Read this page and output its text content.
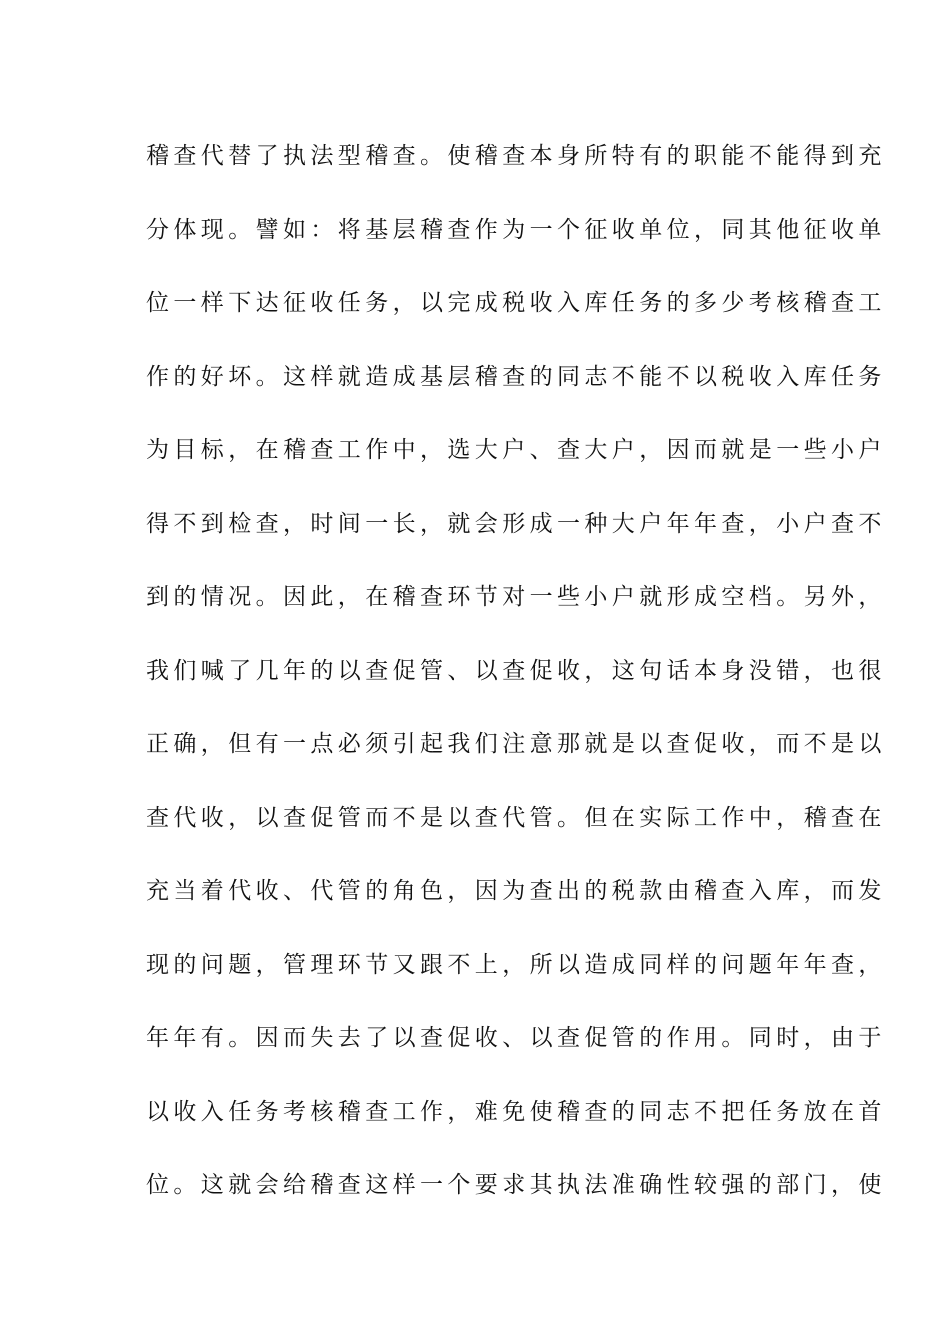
稽查代替了执法型稽查。使稽查本身所特有的职能不能得到充
分体现。譬如：将基层稽查作为一个征收单位，同其他征收单
位一样下达征收任务，以完成税收入库任务的多少考核稽查工
作的好坏。这样就造成基层稽查的同志不能不以税收入库任务
为目标，在稽查工作中，选大户、查大户，因而就是一些小户
得不到检查，时间一长，就会形成一种大户年年查，小户查不
到的情况。因此，在稽查环节对一些小户就形成空档。另外，
我们喊了几年的以查促管、以查促收，这句话本身没错，也很
正确，但有一点必须引起我们注意那就是以查促收，而不是以
查代收，以查促管而不是以查代管。但在实际工作中，稽查在
充当着代收、代管的角色，因为查出的税款由稽查入库，而发
现的问题，管理环节又跟不上，所以造成同样的问题年年查，
年年有。因而失去了以查促收、以查促管的作用。同时，由于
以收入任务考核稽查工作，难免使稽查的同志不把任务放在首
位。这就会给稽查这样一个要求其执法准确性较强的部门，使
